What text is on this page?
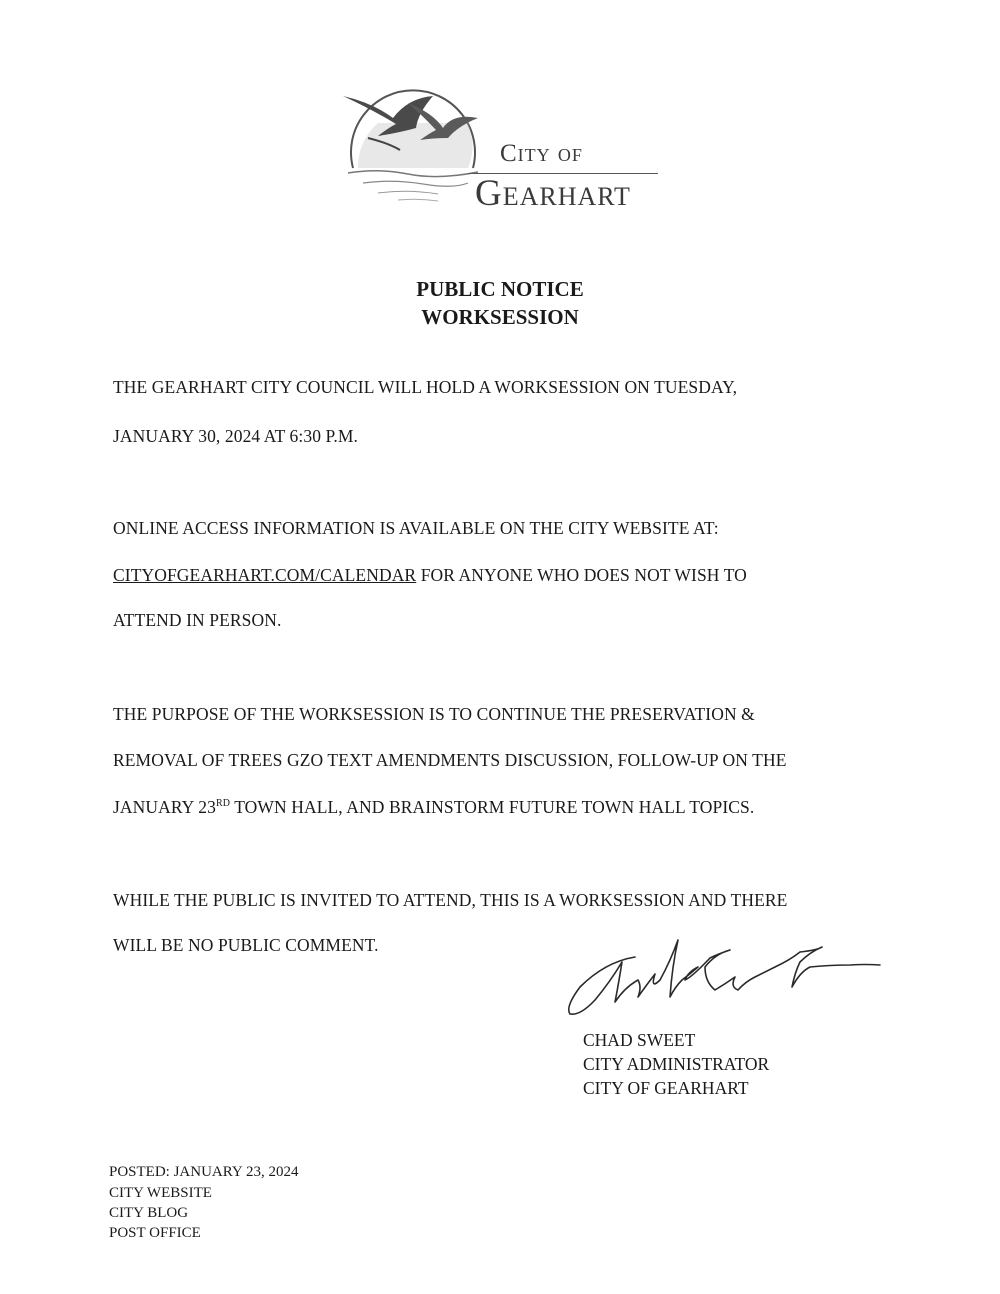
City of
Gearhart
PUBLIC NOTICE
WORKSESSION
THE GEARHART CITY COUNCIL WILL HOLD A WORKSESSION ON TUESDAY,
JANUARY 30, 2024 AT 6:30 P.M.
ONLINE ACCESS INFORMATION IS AVAILABLE ON THE CITY WEBSITE AT:
CITYOFGEARHART.COM/CALENDAR FOR ANYONE WHO DOES NOT WISH TO
ATTEND IN PERSON.
THE PURPOSE OF THE WORKSESSION IS TO CONTINUE THE PRESERVATION &
REMOVAL OF TREES GZO TEXT AMENDMENTS DISCUSSION, FOLLOW-UP ON THE
JANUARY 23RD TOWN HALL, AND BRAINSTORM FUTURE TOWN HALL TOPICS.
WHILE THE PUBLIC IS INVITED TO ATTEND, THIS IS A WORKSESSION AND THERE
WILL BE NO PUBLIC COMMENT.
CHAD SWEET
CITY ADMINISTRATOR
CITY OF GEARHART
POSTED: JANUARY 23, 2024
CITY WEBSITE
CITY BLOG
POST OFFICE
